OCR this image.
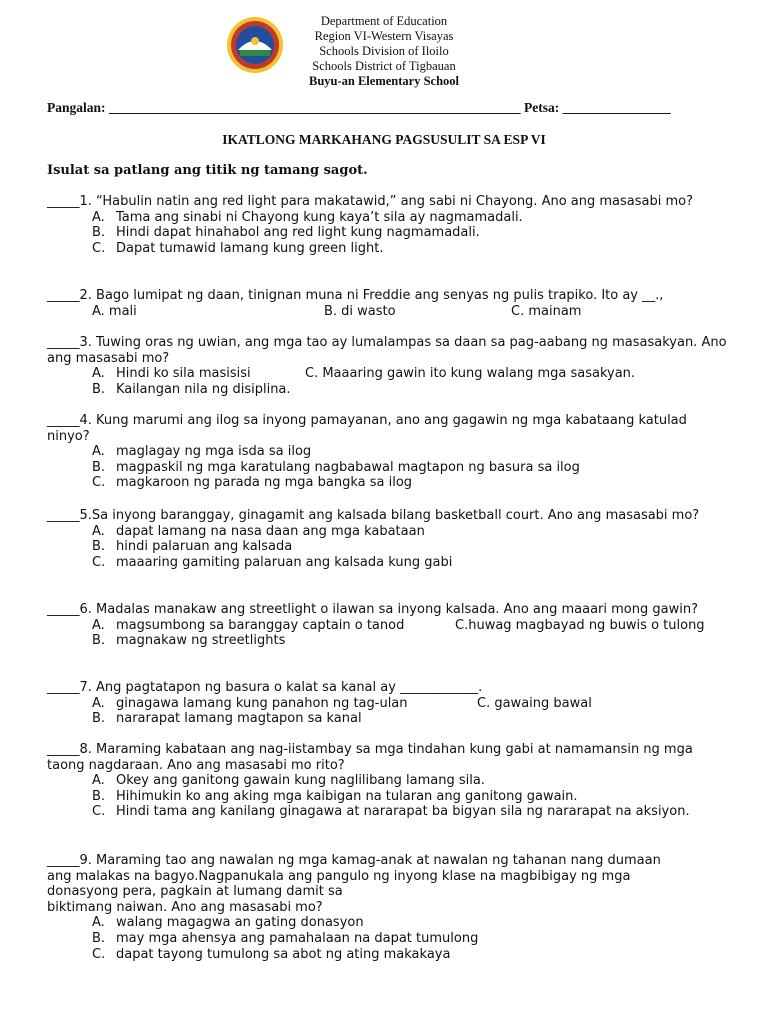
Department of Education
Region VI-Western Visayas
Schools Division of Iloilo
Schools District of Tigbauan
Buyu-an Elementary School
Pangalan: _____________________________________________________________ Petsa: ________________
IKATLONG MARKAHANG PAGSUSULIT SA ESP VI
Isulat sa patlang ang titik ng tamang sagot.

_____1. “Habulin natin ang red light para makatawid,” ang sabi ni Chayong. Ano ang masasabi mo?

A. Tama ang sinabi ni Chayong kung kaya’t sila ay nagmamadali.
B. Hindi dapat hinahabol ang red light kung nagmamadali.
C. Dapat tumawid lamang kung green light.

_____2. Bago lumipat ng daan, tinignan muna ni Freddie ang senyas ng pulis trapiko. Ito ay __.,

A. mali	B. di wasto	C. mainam

_____3. Tuwing oras ng uwian, ang mga tao ay lumalampas sa daan sa pag-aabang ng masasakyan. Ano ang masasabi mo?

A. Hindi ko sila masisisi	C. Maaaring gawin ito kung walang mga sasakyan.
B. Kailangan nila ng disiplina.

_____4. Kung marumi ang ilog sa inyong pamayanan, ano ang gagawin ng mga kabataang katulad ninyo?

A. maglagay ng mga isda sa ilog
B. magpaskil ng mga karatulang nagbabawal magtapon ng basura sa ilog
C. magkaroon ng parada ng mga bangka sa ilog

_____5.Sa inyong baranggay, ginagamit ang kalsada bilang basketball court. Ano ang masasabi mo?

A. dapat lamang na nasa daan ang mga kabataan
B. hindi palaruan ang kalsada
C. maaaring gamiting palaruan ang kalsada kung gabi

_____6. Madalas manakaw ang streetlight o ilawan sa inyong kalsada. Ano ang maaari mong gawin?

A. magsumbong sa baranggay captain o tanod	C.huwag magbayad ng buwis o tulong
B. magnakaw ng streetlights

_____7. Ang pagtatapon ng basura o kalat sa kanal ay ____________.

A. ginagawa lamang kung panahon ng tag-ulan	C. gawaing bawal
B. nararapat lamang magtapon sa kanal

_____8. Maraming kabataan ang nag-iistambay sa mga tindahan kung gabi at namamansin ng mga taong nagdaraan. Ano ang masasabi mo rito?

A. Okey ang ganitong gawain kung naglilibang lamang sila.
B. Hihimukin ko ang aking mga kaibigan na tularan ang ganitong gawain.
C. Hindi tama ang kanilang ginagawa at nararapat ba bigyan sila ng nararapat na aksiyon.
_____9. Maraming tao ang nawalan ng mga kamag-anak at nawalan ng tahanan nang dumaan
ang malakas na bagyo.Nagpanukala ang pangulo ng inyong klase na magbibigay ng mga
donasyong pera, pagkain at lumang damit sa
biktimang naiwan. Ano ang masasabi mo?
A. walang magagwa an gating donasyon
B. may mga ahensya ang pamahalaan na dapat tumulong
C. dapat tayong tumulong sa abot ng ating makakaya
